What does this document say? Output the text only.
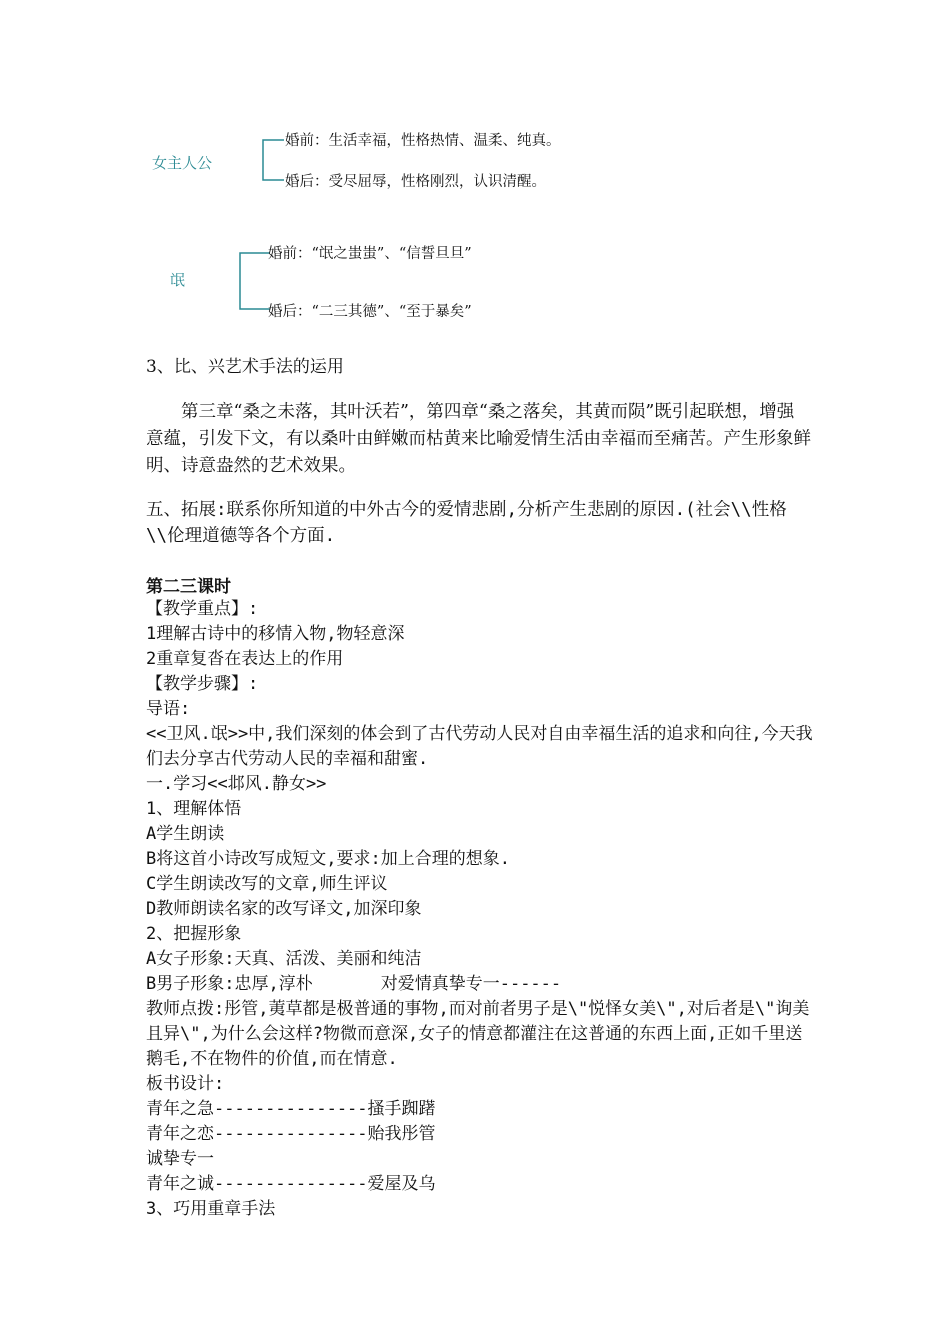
女主人公
婚前：生活幸福，性格热情、温柔、纯真。
婚后：受尽屈辱，性格刚烈，认识清醒。
氓
婚前：“氓之蚩蚩”、“信誓旦旦”
婚后：“二三其德”、“至于暴矣”
3、比、兴艺术手法的运用
第三章“桑之未落，其叶沃若”，第四章“桑之落矣，其黄而陨”既引起联想，增强意蕴，引发下文，有以桑叶由鲜嫩而枯黄来比喻爱情生活由幸福而至痛苦。产生形象鲜明、诗意盎然的艺术效果。
五、拓展:联系你所知道的中外古今的爱情悲剧,分析产生悲剧的原因.(社会\\性格\\伦理道德等各个方面.
第二三课时
【教学重点】:
1理解古诗中的移情入物,物轻意深
2重章复沓在表达上的作用
【教学步骤】:
导语:
<<卫风.氓>>中,我们深刻的体会到了古代劳动人民对自由幸福生活的追求和向往,今天我们去分享古代劳动人民的幸福和甜蜜.
一.学习<<邶风.静女>>
1、理解体悟
A学生朗读
B将这首小诗改写成短文,要求:加上合理的想象.
C学生朗读改写的文章,师生评议
D教师朗读名家的改写译文,加深印象
2、把握形象
A女子形象:天真、活泼、美丽和纯洁
B男子形象:忠厚,淳朴	对爱情真挚专一------
教师点拨:彤管,荑草都是极普通的事物,而对前者男子是\"悦怿女美\",对后者是\"询美且异\",为什么会这样?物微而意深,女子的情意都灌注在这普通的东西上面,正如千里送鹅毛,不在物件的价值,而在情意.
板书设计:
青年之急---------------搔手踟躇
青年之恋---------------贻我彤管
诚挚专一
青年之诚---------------爱屋及乌
3、巧用重章手法
